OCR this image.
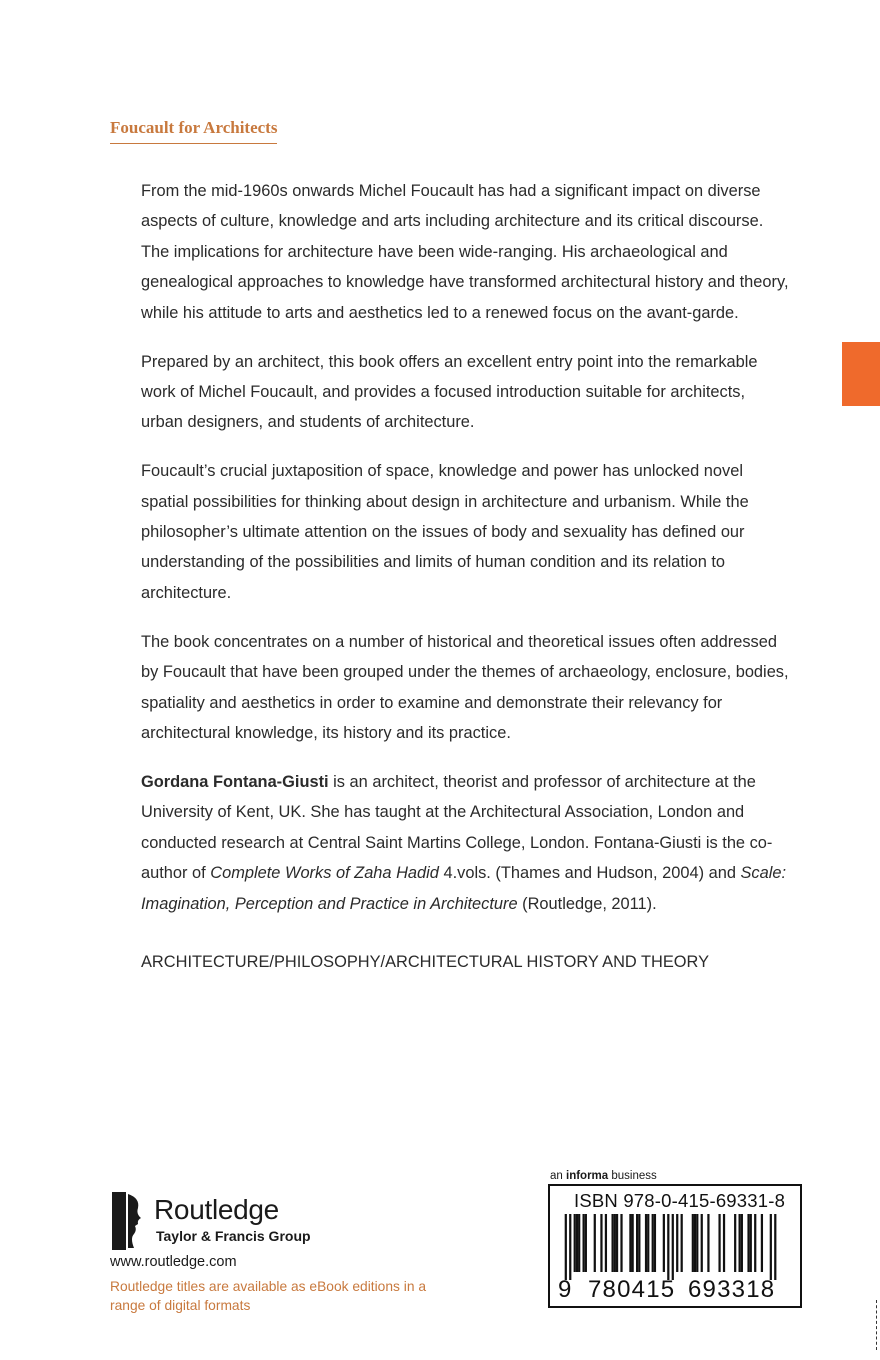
Foucault for Architects

From the mid-1960s onwards Michel Foucault has had a significant impact on diverse aspects of culture, knowledge and arts including architecture and its critical discourse. The implications for architecture have been wide-ranging. His archaeological and genealogical approaches to knowledge have transformed architectural history and theory, while his attitude to arts and aesthetics led to a renewed focus on the avant-garde.

Prepared by an architect, this book offers an excellent entry point into the remarkable work of Michel Foucault, and provides a focused introduction suitable for architects, urban designers, and students of architecture.

Foucault’s crucial juxtaposition of space, knowledge and power has unlocked novel spatial possibilities for thinking about design in architecture and urbanism. While the philosopher’s ultimate attention on the issues of body and sexuality has defined our understanding of the possibilities and limits of human condition and its relation to architecture.

The book concentrates on a number of historical and theoretical issues often addressed by Foucault that have been grouped under the themes of archaeology, enclosure, bodies, spatiality and aesthetics in order to examine and demonstrate their relevancy for architectural knowledge, its history and its practice.

Gordana Fontana-Giusti is an architect, theorist and professor of architecture at the University of Kent, UK. She has taught at the Architectural Association, London and conducted research at Central Saint Martins College, London. Fontana-Giusti is the co-author of Complete Works of Zaha Hadid 4.vols. (Thames and Hudson, 2004) and Scale: Imagination, Perception and Practice in Architecture (Routledge, 2011).

ARCHITECTURE/PHILOSOPHY/ARCHITECTURAL HISTORY AND THEORY

Routledge
Taylor & Francis Group
www.routledge.com
Routledge titles are available as eBook editions in a range of digital formats
an informa business
ISBN 978-0-415-69331-8
9 780415 693318
